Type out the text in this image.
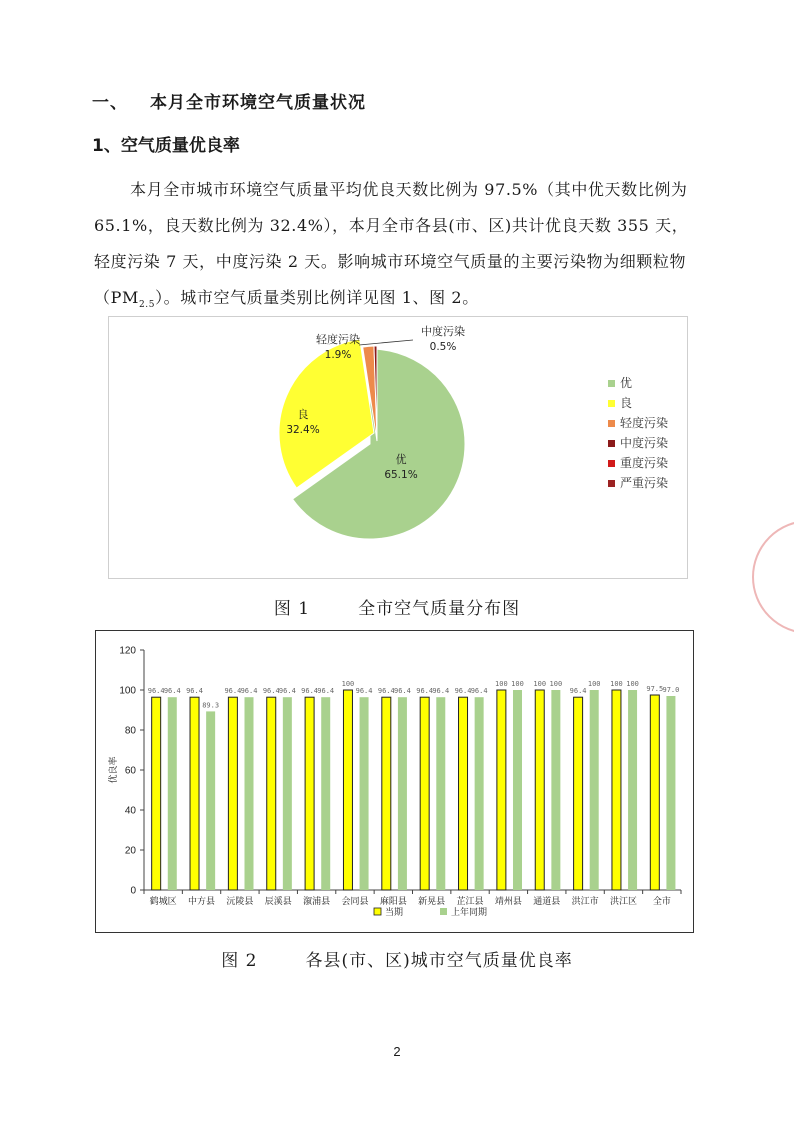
一、 本月全市环境空气质量状况
1、空气质量优良率
本月全市城市环境空气质量平均优良天数比例为 97.5%（其中优天数比例为 65.1%，良天数比例为 32.4%），本月全市各县(市、区)共计优良天数 355 天，轻度污染 7 天，中度污染 2 天。影响城市环境空气质量的主要污染物为细颗粒物$(PM_{2.5})$。城市空气质量类别比例详见图 1、图 2。
优
65.1%
良
32.4%
轻度污染
1.9%
中度污染
0.5%
优
良
轻度污染
中度污染
重度污染
严重污染
图 1	全市空气质量分布图
0
20
40
60
80
100
120
优良率
鹤城区 中方县 沅陵县 辰溪县 溆浦县 会同县 麻阳县 新晃县 芷江县 靖州县 通道县 洪江市 洪江区 全市
96.4 96.4 96.4
89.3
96.4 96.4 96.4 96.4 96.4 96.4
100
96.4 96.4 96.4 96.4 96.4 96.4 96.4
100 100 100 100
96.4
100 100 100
97.5 97.0
当期	上年同期
图 2	各县(市、区)城市空气质量优良率
2
